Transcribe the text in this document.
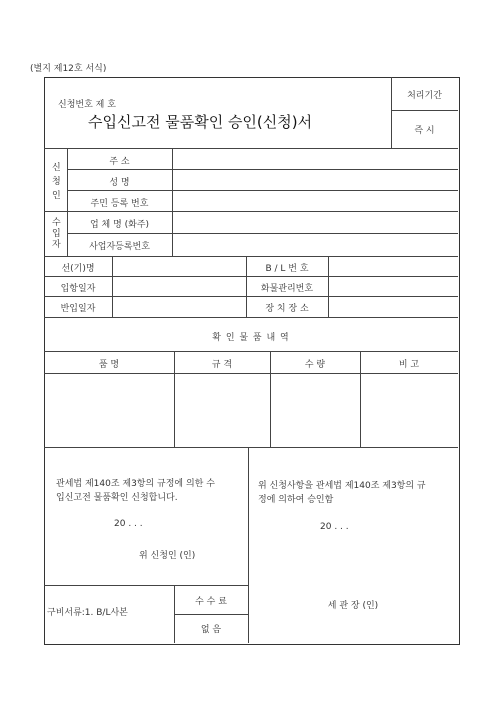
(별지 제12호 서식)
신청번호 제 호
수입신고전 물품확인 승인(신청)서
처리기간
즉 시
신
청
인
주 소
성 명
주민 등록 번호
수
입
자
업 체 명 (화주)
사업자등록번호
선(기)명	B / L 번 호
입항일자	화물관리번호
반입일자	장 치 장 소
확 인 물 품 내 역
품 명	규 격	수 량	비 고
관세법 제140조 제3항의 규정에 의한 수
입신고전 물품확인 신청합니다.
20 . . .
위 신청인 (인)
위 신청사항을 관세법 제140조 제3항의 규
정에 의하여 승인함
20 . . .
세 관 장 (인)
구비서류:1. B/L사본
수 수 료
없 음
